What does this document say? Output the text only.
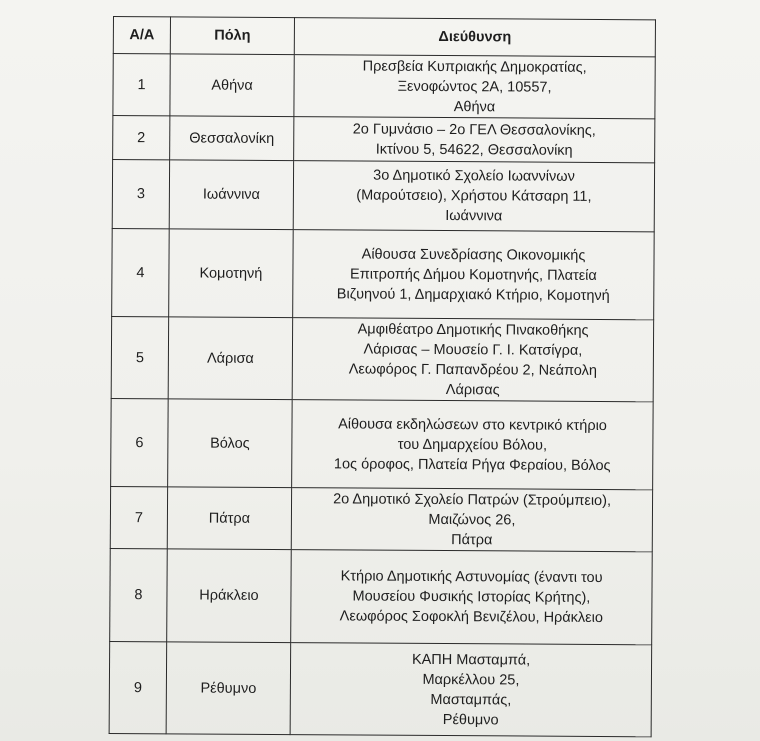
Α/Α	Πόλη	Διεύθυνση
1	Αθήνα	Πρεσβεία Κυπριακής Δημοκρατίας,
Ξενοφώντος 2Α, 10557,
Αθήνα

2	Θεσσαλονίκη	2ο Γυμνάσιο – 2ο ΓΕΛ Θεσσαλονίκης,
Ικτίνου 5, 54622, Θεσσαλονίκη

3	Ιωάννινα	3ο Δημοτικό Σχολείο Ιωαννίνων
(Μαρούτσειο), Χρήστου Κάτσαρη 11,
Ιωάννινα

4	Κομοτηνή	Αίθουσα Συνεδρίασης Οικονομικής
Επιτροπής Δήμου Κομοτηνής, Πλατεία
Βιζυηνού 1, Δημαρχιακό Κτήριο, Κομοτηνή

5	Λάρισα	Αμφιθέατρο Δημοτικής Πινακοθήκης
Λάρισας – Μουσείο Γ. Ι. Κατσίγρα,
Λεωφόρος Γ. Παπανδρέου 2, Νεάπολη
Λάρισας

6	Βόλος	Αίθουσα εκδηλώσεων στο κεντρικό κτήριο
του Δημαρχείου Βόλου,
1ος όροφος, Πλατεία Ρήγα Φεραίου, Βόλος

7	Πάτρα	2ο Δημοτικό Σχολείο Πατρών (Στρούμπειο),
Μαιζώνος 26,
Πάτρα

8	Ηράκλειο	Κτήριο Δημοτικής Αστυνομίας (έναντι του
Μουσείου Φυσικής Ιστορίας Κρήτης),
Λεωφόρος Σοφοκλή Βενιζέλου, Ηράκλειο

9	Ρέθυμνο	ΚΑΠΗ Μασταμπά,
Μαρκέλλου 25,
Μασταμπάς,
Ρέθυμνο
